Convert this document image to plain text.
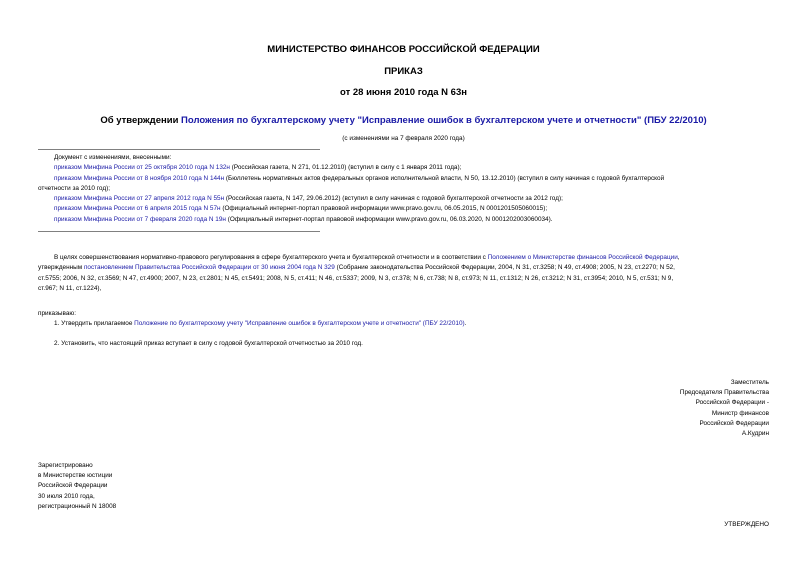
МИНИСТЕРСТВО ФИНАНСОВ РОССИЙСКОЙ ФЕДЕРАЦИИ
ПРИКАЗ
от 28 июня 2010 года N 63н
Об утверждении Положения по бухгалтерскому учету "Исправление ошибок в бухгалтерском учете и отчетности" (ПБУ 22/2010)
(с изменениями на 7 февраля 2020 года)
Документ с изменениями, внесенными:
приказом Минфина России от 25 октября 2010 года N 132н (Российская газета, N 271, 01.12.2010) (вступил в силу с 1 января 2011 года);
приказом Минфина России от 8 ноября 2010 года N 144н (Бюллетень нормативных актов федеральных органов исполнительной власти, N 50, 13.12.2010) (вступил в силу начиная с годовой бухгалтерской
отчетности за 2010 год);
приказом Минфина России от 27 апреля 2012 года N 55н (Российская газета, N 147, 29.06.2012) (вступил в силу начиная с годовой бухгалтерской отчетности за 2012 год);
приказом Минфина России от 6 апреля 2015 года N 57н (Официальный интернет-портал правовой информации www.pravo.gov.ru, 06.05.2015, N 0001201505060015);
приказом Минфина России от 7 февраля 2020 года N 19н (Официальный интернет-портал правовой информации www.pravo.gov.ru, 06.03.2020, N 0001202003060034).
В целях совершенствования нормативно-правового регулирования в сфере бухгалтерского учета и бухгалтерской отчетности и в соответствии с Положением о Министерстве финансов Российской Федерации,
утвержденным постановлением Правительства Российской Федерации от 30 июня 2004 года N 329 (Собрание законодательства Российской Федерации, 2004, N 31, ст.3258; N 49, ст.4908; 2005, N 23, ст.2270; N 52,
ст.5755; 2006, N 32, ст.3569; N 47, ст.4900; 2007, N 23, ст.2801; N 45, ст.5491; 2008, N 5, ст.411; N 46, ст.5337; 2009, N 3, ст.378; N 6, ст.738; N 8, ст.973; N 11, ст.1312; N 26, ст.3212; N 31, ст.3954; 2010, N 5, ст.531; N 9,
ст.967; N 11, ст.1224),
приказываю:
1. Утвердить прилагаемое Положение по бухгалтерскому учету "Исправление ошибок в бухгалтерском учете и отчетности" (ПБУ 22/2010).
2. Установить, что настоящий приказ вступает в силу с годовой бухгалтерской отчетностью за 2010 год.
Заместитель
Председателя Правительства
Российской Федерации -
Министр финансов
Российской Федерации
А.Кудрин
Зарегистрировано
в Министерстве юстиции
Российской Федерации
30 июля 2010 года,
регистрационный N 18008
УТВЕРЖДЕНО
